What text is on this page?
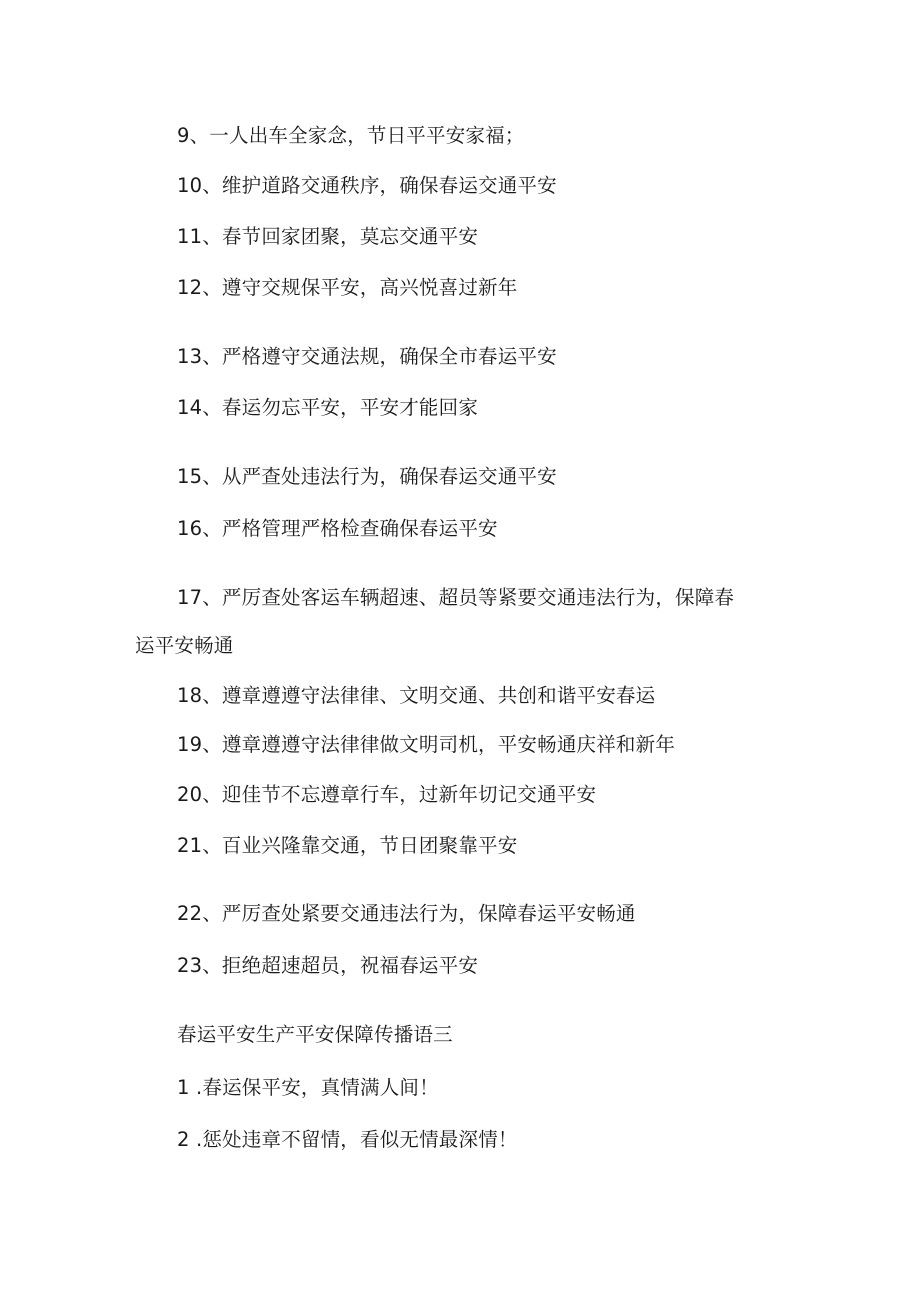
9、一人出车全家念，节日平平安家福；
10、维护道路交通秩序，确保春运交通平安
11、春节回家团聚，莫忘交通平安
12、遵守交规保平安，高兴悦喜过新年
13、严格遵守交通法规，确保全市春运平安
14、春运勿忘平安，平安才能回家
15、从严查处违法行为，确保春运交通平安
16、严格管理严格检查确保春运平安
17、严厉查处客运车辆超速、超员等紧要交通违法行为，保障春
运平安畅通
18、遵章遵遵守法律律、文明交通、共创和谐平安春运
19、遵章遵遵守法律律做文明司机，平安畅通庆祥和新年
20、迎佳节不忘遵章行车，过新年切记交通平安
21、百业兴隆靠交通，节日团聚靠平安
22、严厉查处紧要交通违法行为，保障春运平安畅通
23、拒绝超速超员，祝福春运平安
春运平安生产平安保障传播语三
1 .春运保平安，真情满人间！
2 .惩处违章不留情，看似无情最深情！
